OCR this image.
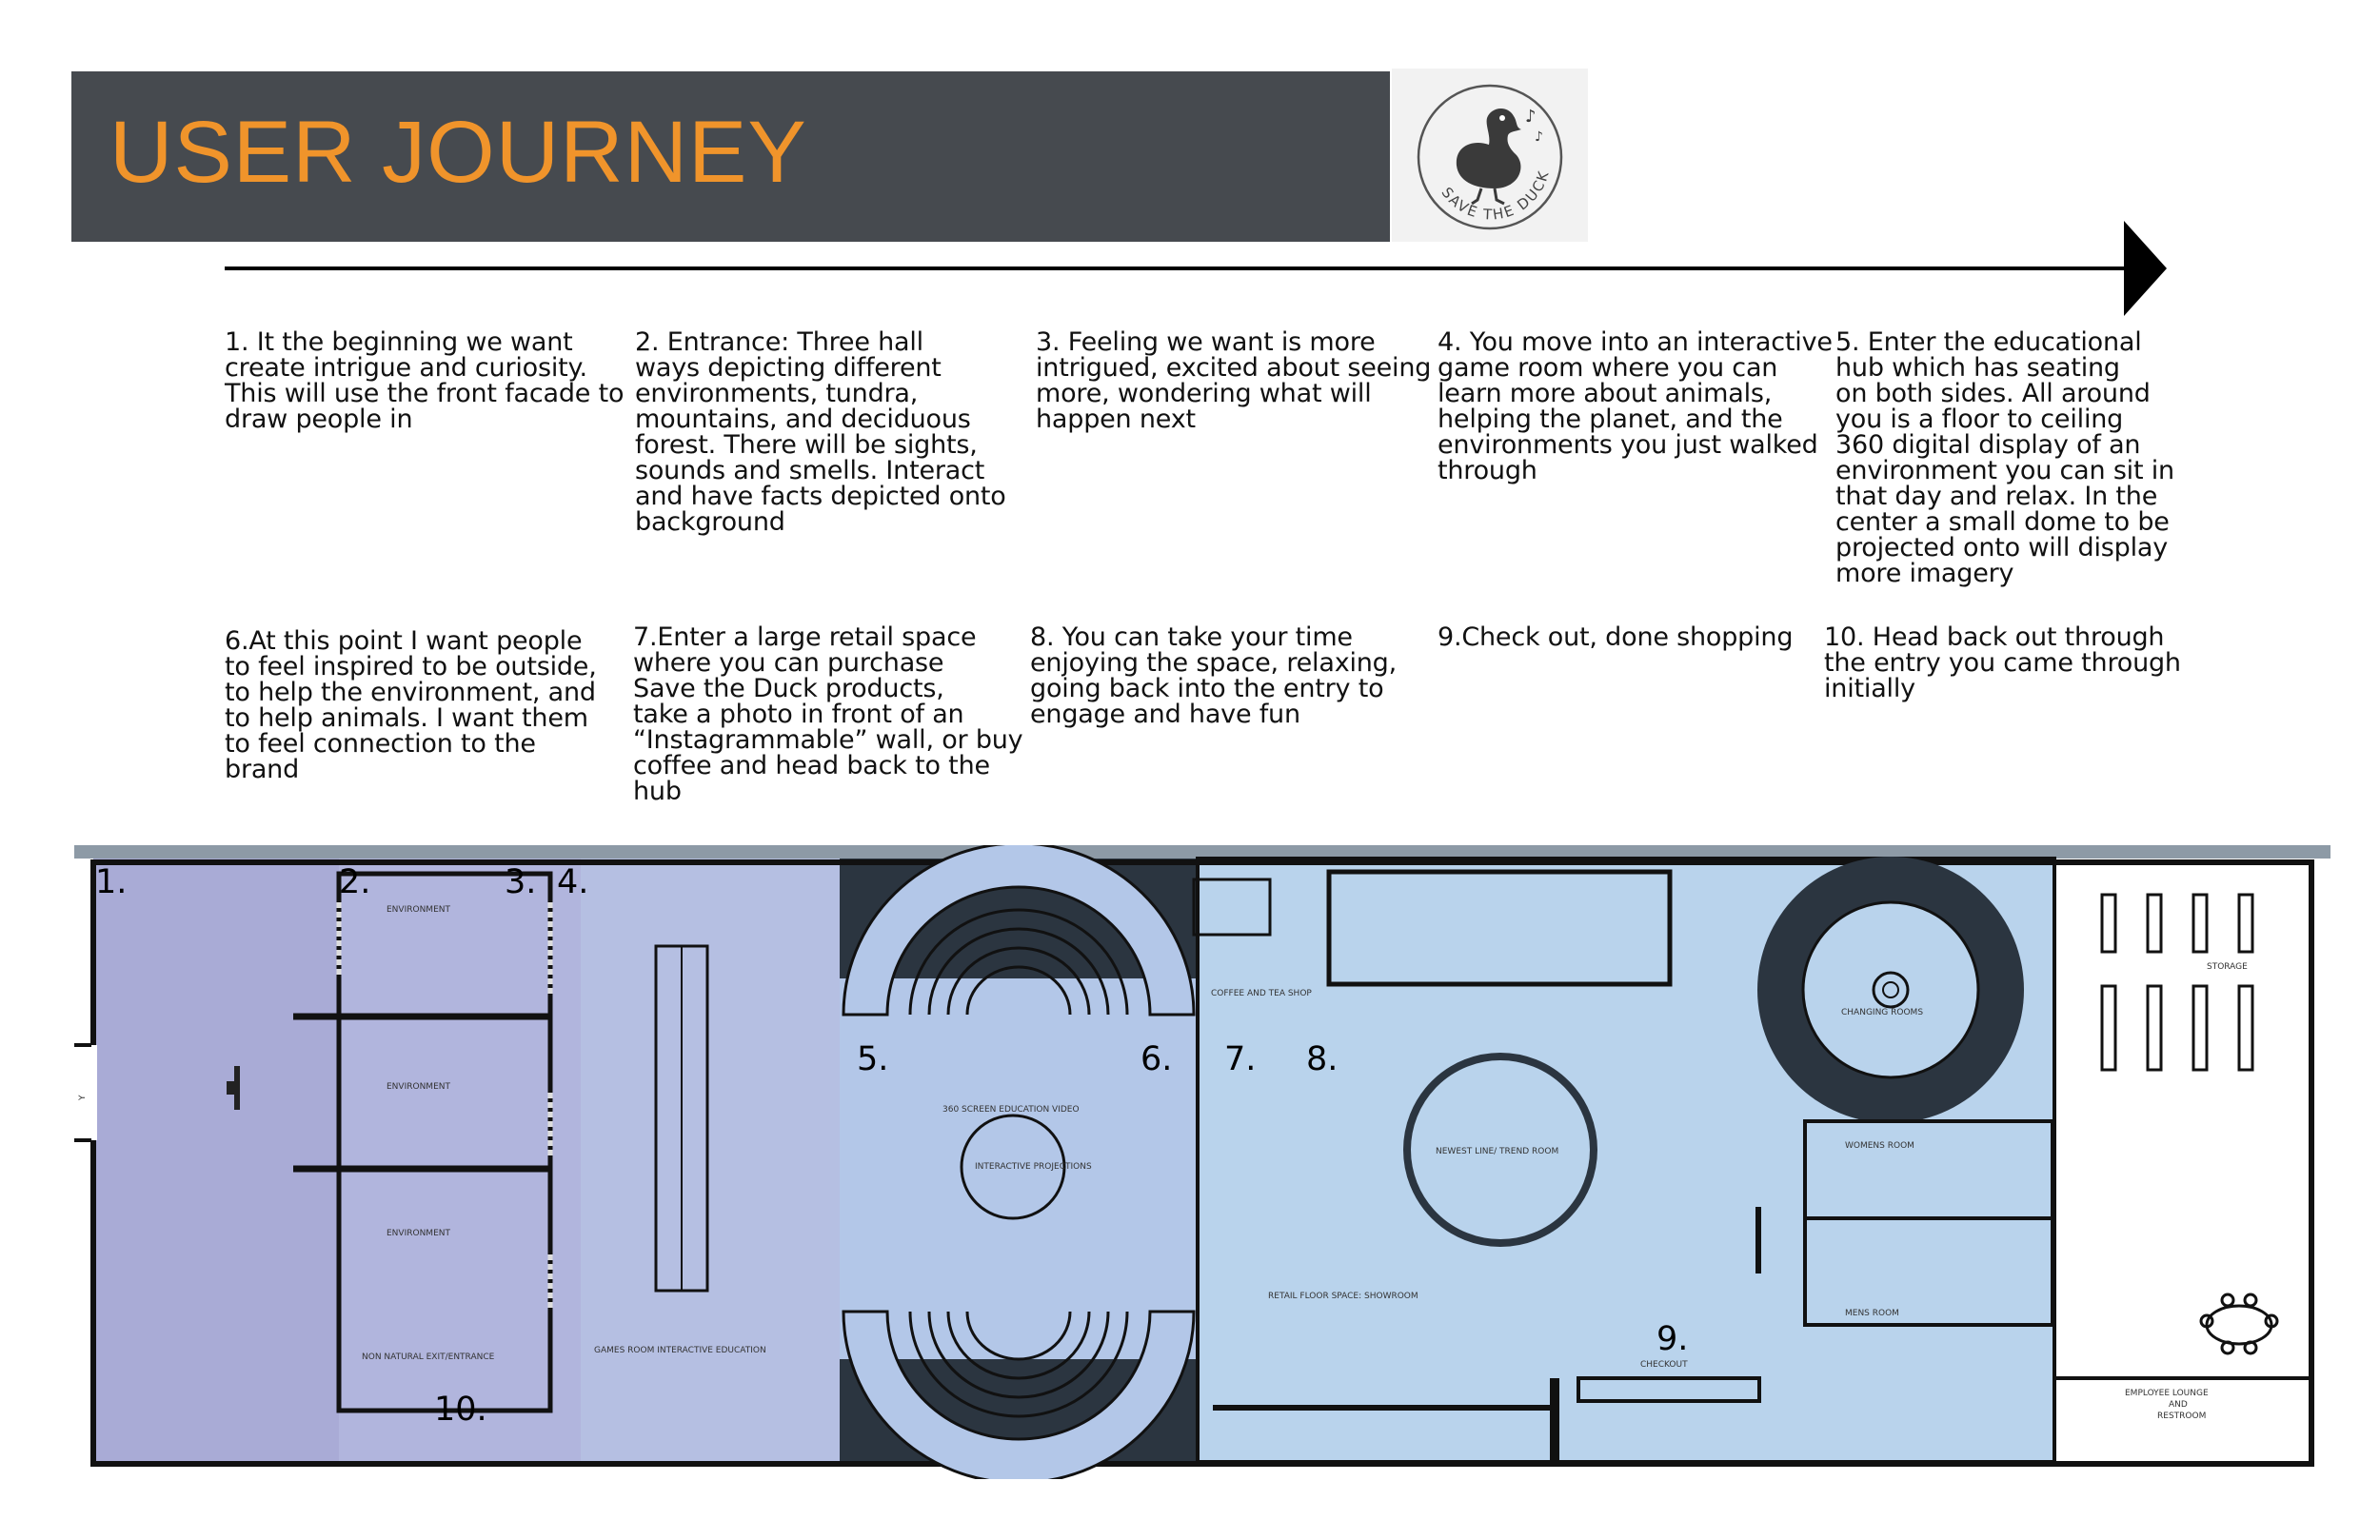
USER JOURNEY	♪
♪
SAVE THE DUCK
1. It the beginning we want
create intrigue and curiosity.
This will use the front facade to
draw people in
2. Entrance: Three hall
ways depicting different
environments, tundra,
mountains, and deciduous
forest. There will be sights,
sounds and smells. Interact
and have facts depicted onto
background
3. Feeling we want is more
intrigued, excited about seeing
more, wondering what will
happen next
4. You move into an interactive
game room where you can
learn more about animals,
helping the planet, and the
environments you just walked
through
5. Enter the educational
hub which has seating
on both sides. All around
you is a floor to ceiling
360 digital display of an
environment you can sit in
that day and relax. In the
center a small dome to be
projected onto will display
more imagery
6.At this point I want people
to feel inspired to be outside,
to help the environment, and
to help animals. I want them
to feel connection to the
brand
7.Enter a large retail space
where you can purchase
Save the Duck products,
take a photo in front of an
“Instagrammable” wall, or buy
coffee and head back to the
hub
8. You can take your time
enjoying the space, relaxing,
going back into the entry to
engage and have fun
9.Check out, done shopping 10. Head back out through
the entry you came through
initially
Y
ENVIRONMENT
ENVIRONMENT
ENVIRONMENT
NON NATURAL EXIT/ENTRANCE
GAMES ROOM INTERACTIVE EDUCATION
360 SCREEN EDUCATION VIDEO
INTERACTIVE PROJECTIONS
COFFEE AND TEA SHOP
NEWEST LINE/ TREND ROOM
RETAIL FLOOR SPACE: SHOWROOM
CHECKOUT
CHANGING ROOMS
WOMENS ROOM
MENS ROOM
STORAGE
EMPLOYEE LOUNGE
AND
RESTROOM
1.	2.	3. 4.
5.	6. 7. 8.
9.
10.
